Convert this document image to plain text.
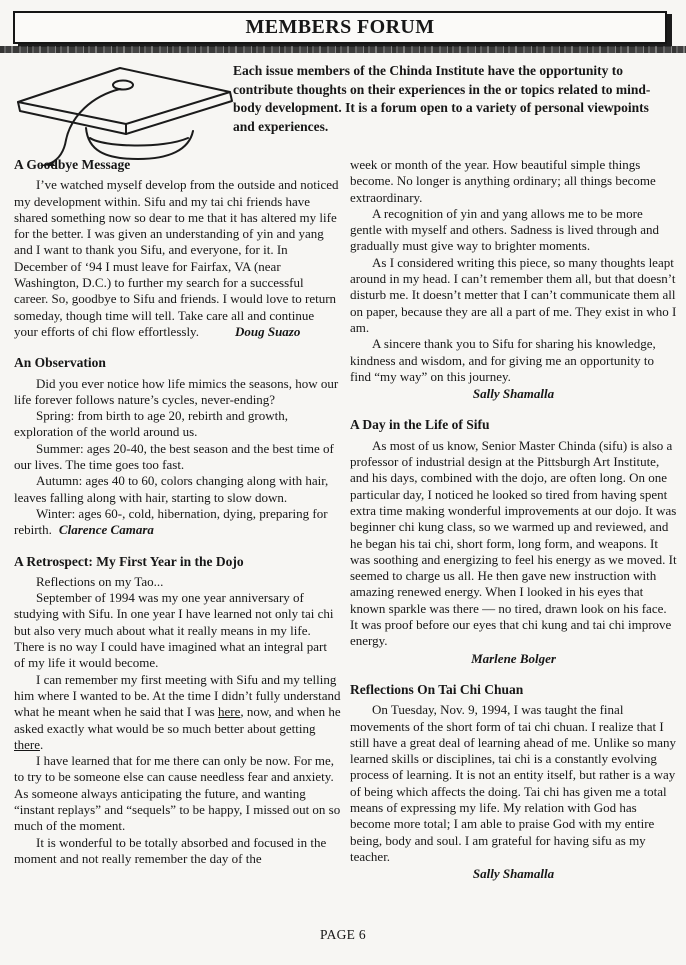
MEMBERS FORUM
Each issue members of the Chinda Institute have the opportunity to contribute thoughts on their experiences in the or topics related to mind-body development. It is a forum open to a variety of personal viewpoints and experiences.
A Goodbye Message

I’ve watched myself develop from the outside and noticed my development within. Sifu and my tai chi friends have shared something now so dear to me that it has altered my life for the better. I was given an understanding of yin and yang and I want to thank you Sifu, and everyone, for it. In December of ‘94 I must leave for Fairfax, VA (near Washington, D.C.) to further my search for a successful career. So, goodbye to Sifu and friends. I would love to return someday, though time will tell. Take care all and continue your efforts of chi flow effortlessly.	Doug Suazo

An Observation

Did you ever notice how life mimics the seasons, how our life forever follows nature’s cycles, never-ending?

Spring: from birth to age 20, rebirth and growth, exploration of the world around us.

Summer: ages 20-40, the best season and the best time of our lives. The time goes too fast.

Autumn: ages 40 to 60, colors changing along with hair, leaves falling along with hair, starting to slow down.

Winter: ages 60-, cold, hibernation, dying, preparing for rebirth. Clarence Camara

A Retrospect: My First Year in the Dojo

Reflections on my Tao...

September of 1994 was my one year anniversary of studying with Sifu. In one year I have learned not only tai chi but also very much about what it really means in my life. There is no way I could have imagined what an integral part of my life it would become.

I can remember my first meeting with Sifu and my telling him where I wanted to be. At the time I didn’t fully understand what he meant when he said that I was here, now, and when he asked exactly what would be so much better about getting there.

I have learned that for me there can only be now. For me, to try to be someone else can cause needless fear and anxiety. As someone always anticipating the future, and wanting “instant replays” and “sequels” to be happy, I missed out on so much of the moment.

It is wonderful to be totally absorbed and focused in the moment and not really remember the day of the

week or month of the year. How beautiful simple things become. No longer is anything ordinary; all things become extraordinary.

A recognition of yin and yang allows me to be more gentle with myself and others. Sadness is lived through and gradually must give way to brighter moments.

As I considered writing this piece, so many thoughts leapt around in my head. I can’t remember them all, but that doesn’t disturb me. It doesn’t metter that I can’t communicate them all on paper, because they are all a part of me. They exist in who I am.

A sincere thank you to Sifu for sharing his knowledge, kindness and wisdom, and for giving me an opportunity to find “my way” on this journey.

Sally Shamalla

A Day in the Life of Sifu

As most of us know, Senior Master Chinda (sifu) is also a professor of industrial design at the Pittsburgh Art Institute, and his days, combined with the dojo, are often long. On one particular day, I noticed he looked so tired from having spent extra time making wonderful improvements at our dojo. It was beginner chi kung class, so we warmed up and reviewed, and he began his tai chi, short form, long form, and weapons. It was soothing and energizing to feel his energy as we moved. It seemed to charge us all. He then gave new instruction with amazing renewed energy. When I looked in his eyes that known sparkle was there — no tired, drawn look on his face. It was proof before our eyes that chi kung and tai chi improve energy.

Marlene Bolger

Reflections On Tai Chi Chuan

On Tuesday, Nov. 9, 1994, I was taught the final movements of the short form of tai chi chuan. I realize that I still have a great deal of learning ahead of me. Unlike so many learned skills or disciplines, tai chi is a constantly evolving process of learning. It is not an entity itself, but rather is a way of being which affects the doing. Tai chi has given me a total means of expressing my life. My relation with God has become more total; I am able to praise God with my entire being, body and soul. I am grateful for having sifu as my teacher.

Sally Shamalla

PAGE 6
